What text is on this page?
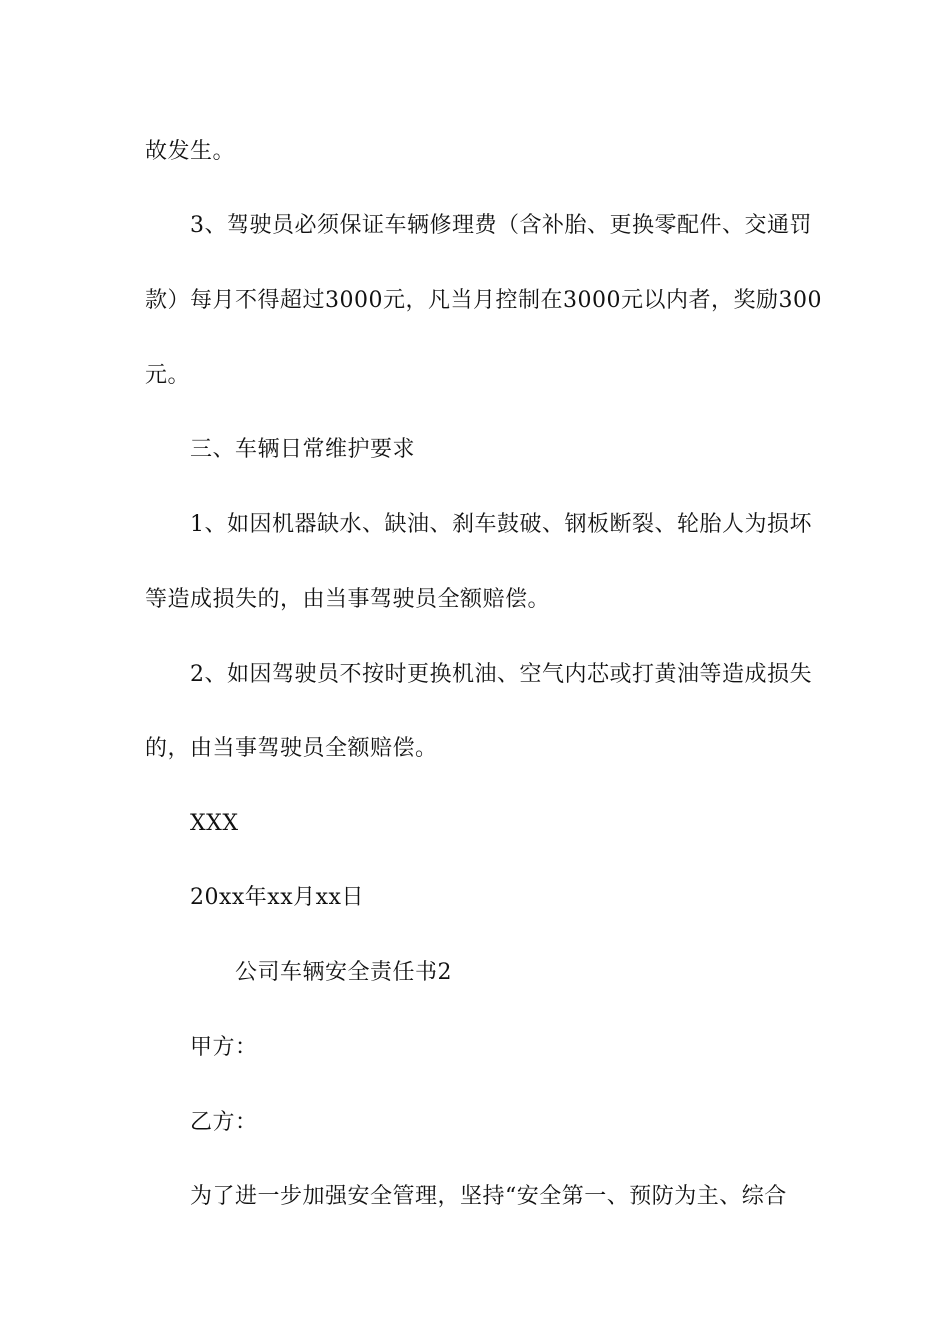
故发生。
3、驾驶员必须保证车辆修理费（含补胎、更换零配件、交通罚
款）每月不得超过3000元，凡当月控制在3000元以内者，奖励300
元。
三、车辆日常维护要求
1、如因机器缺水、缺油、刹车鼓破、钢板断裂、轮胎人为损坏
等造成损失的，由当事驾驶员全额赔偿。
2、如因驾驶员不按时更换机油、空气内芯或打黄油等造成损失
的，由当事驾驶员全额赔偿。
XXX
20xx年xx月xx日
公司车辆安全责任书2
甲方：
乙方：
为了进一步加强安全管理，坚持“安全第一、预防为主、综合
